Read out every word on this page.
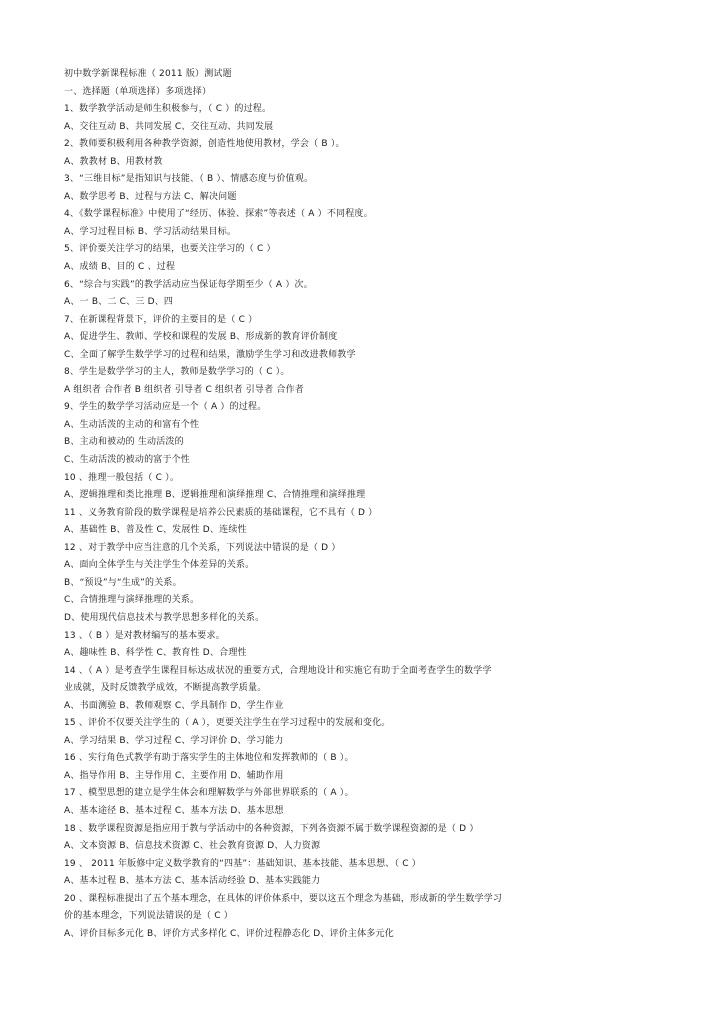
初中数学新课程标准（ 2011 版）测试题
一、选择题（单项选择）多项选择）
1、数学教学活动是师生积极参与，（ C ）的过程。
A、交往互动 B、共同发展 C、交往互动、共同发展
2、教师要积极利用各种教学资源，创造性地使用教材，学会（ B ）。
A、教教材 B、用教材教
3、“三维目标”是指知识与技能、（ B ）、情感态度与价值观。
A、数学思考 B、过程与方法 C、解决问题
4、《数学课程标准》中使用了“经历、体验、探索”等表述（ A ）不同程度。
A、学习过程目标 B、学习活动结果目标。
5、评价要关注学习的结果，也要关注学习的（ C ）
A、成绩 B、目的 C 、过程
6、“综合与实践”的教学活动应当保证每学期至少（ A ）次。
A、一 B、二 C、三 D、四
7、在新课程背景下，评价的主要目的是（ C ）
A、促进学生、教师、学校和课程的发展 B、形成新的教育评价制度
C、全面了解学生数学学习的过程和结果，激励学生学习和改进教师教学
8、学生是数学学习的主人，教师是数学学习的（ C ）。
A 组织者 合作者 B 组织者 引导者 C 组织者 引导者 合作者
9、学生的数学学习活动应是一个（ A ）的过程。
A、生动活泼的主动的和富有个性
B、主动和被动的 生动活泼的
C、生动活泼的被动的富于个性
10 、推理一般包括（ C ）。
A、逻辑推理和类比推理 B、逻辑推理和演绎推理 C、合情推理和演绎推理
11 、义务教育阶段的数学课程是培养公民素质的基础课程，它不具有（ D ）
A、基础性 B、普及性 C、发展性 D、连续性
12 、对于教学中应当注意的几个关系，下列说法中错误的是（ D ）
A、面向全体学生与关注学生个体差异的关系。
B、“预设”与“生成”的关系。
C、合情推理与演绎推理的关系。
D、使用现代信息技术与教学思想多样化的关系。
13 、（ B ）是对教材编写的基本要求。
A、趣味性 B、科学性 C、教育性 D、合理性
14 、（ A ）是考查学生课程目标达成状况的重要方式，合理地设计和实施它有助于全面考查学生的数学学
业成就，及时反馈教学成效，不断提高教学质量。
A、书面测验 B、教师观察 C、学具制作 D、学生作业
15 、评价不仅要关注学生的（ A ），更要关注学生在学习过程中的发展和变化。
A、学习结果 B、学习过程 C、学习评价 D、学习能力
16 、实行角色式教学有助于落实学生的主体地位和发挥教师的（ B ）。
A、指导作用 B、主导作用 C、主要作用 D、辅助作用
17 、模型思想的建立是学生体会和理解数学与外部世界联系的（ A ）。
A、基本途径 B、基本过程 C、基本方法 D、基本思想
18 、数学课程资源是指应用于教与学活动中的各种资源，下列各资源不属于数学课程资源的是（ D ）
A、文本资源 B、信息技术资源 C、社会教育资源 D、人力资源
19 、 2011 年版修中定义数学教育的“四基”：基础知识、基本技能、基本思想、（ C ）
A、基本过程 B、基本方法 C、基本活动经验 D、基本实践能力
20 、课程标准提出了五个基本理念，在具体的评价体系中，要以这五个理念为基础，形成新的学生数学学习
价的基本理念，下列说法错误的是（ C ）
A、评价目标多元化 B、评价方式多样化 C、评价过程静态化 D、评价主体多元化
